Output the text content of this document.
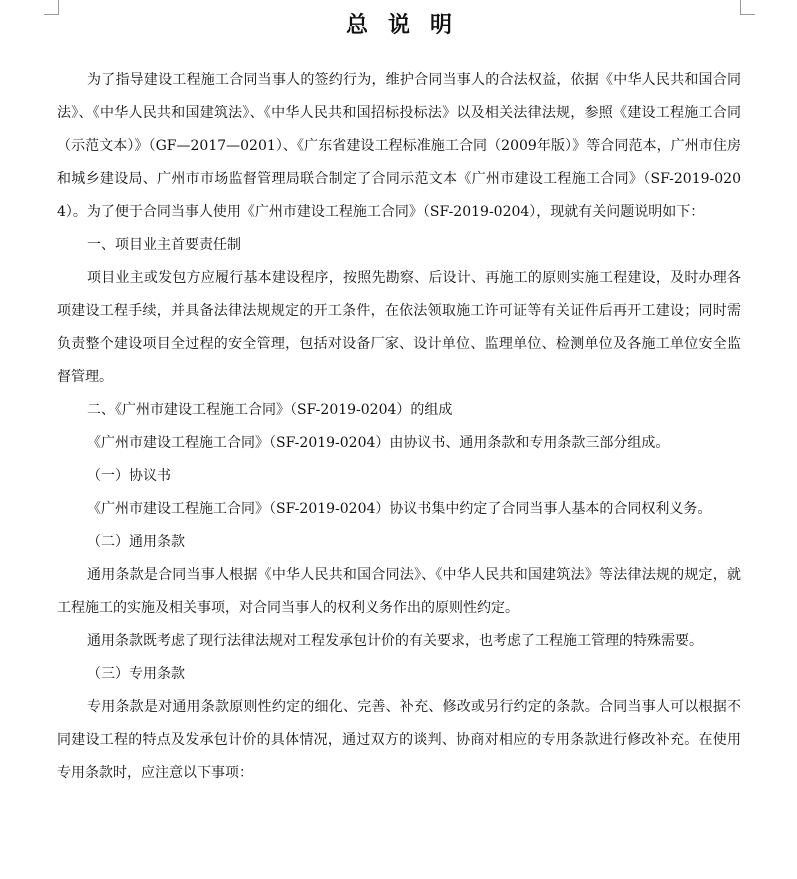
总说明

为了指导建设工程施工合同当事人的签约行为，维护合同当事人的合法权益，依据《中华人民共和国合同法》、《中华人民共和国建筑法》、《中华人民共和国招标投标法》以及相关法律法规，参照《建设工程施工合同（示范文本）》（GF—2017—0201）、《广东省建设工程标准施工合同（2009年版）》等合同范本，广州市住房和城乡建设局、广州市市场监督管理局联合制定了合同示范文本《广州市建设工程施工合同》（SF-2019-0204）。为了便于合同当事人使用《广州市建设工程施工合同》（SF-2019-0204），现就有关问题说明如下：

一、项目业主首要责任制

项目业主或发包方应履行基本建设程序，按照先勘察、后设计、再施工的原则实施工程建设，及时办理各项建设工程手续，并具备法律法规规定的开工条件，在依法领取施工许可证等有关证件后再开工建设；同时需负责整个建设项目全过程的安全管理，包括对设备厂家、设计单位、监理单位、检测单位及各施工单位安全监督管理。

二、《广州市建设工程施工合同》（SF-2019-0204）的组成

《广州市建设工程施工合同》（SF-2019-0204）由协议书、通用条款和专用条款三部分组成。

（一）协议书

《广州市建设工程施工合同》（SF-2019-0204）协议书集中约定了合同当事人基本的合同权利义务。

（二）通用条款

通用条款是合同当事人根据《中华人民共和国合同法》、《中华人民共和国建筑法》等法律法规的规定，就工程施工的实施及相关事项，对合同当事人的权利义务作出的原则性约定。

通用条款既考虑了现行法律法规对工程发承包计价的有关要求，也考虑了工程施工管理的特殊需要。

（三）专用条款

专用条款是对通用条款原则性约定的细化、完善、补充、修改或另行约定的条款。合同当事人可以根据不同建设工程的特点及发承包计价的具体情况，通过双方的谈判、协商对相应的专用条款进行修改补充。在使用专用条款时，应注意以下事项：
